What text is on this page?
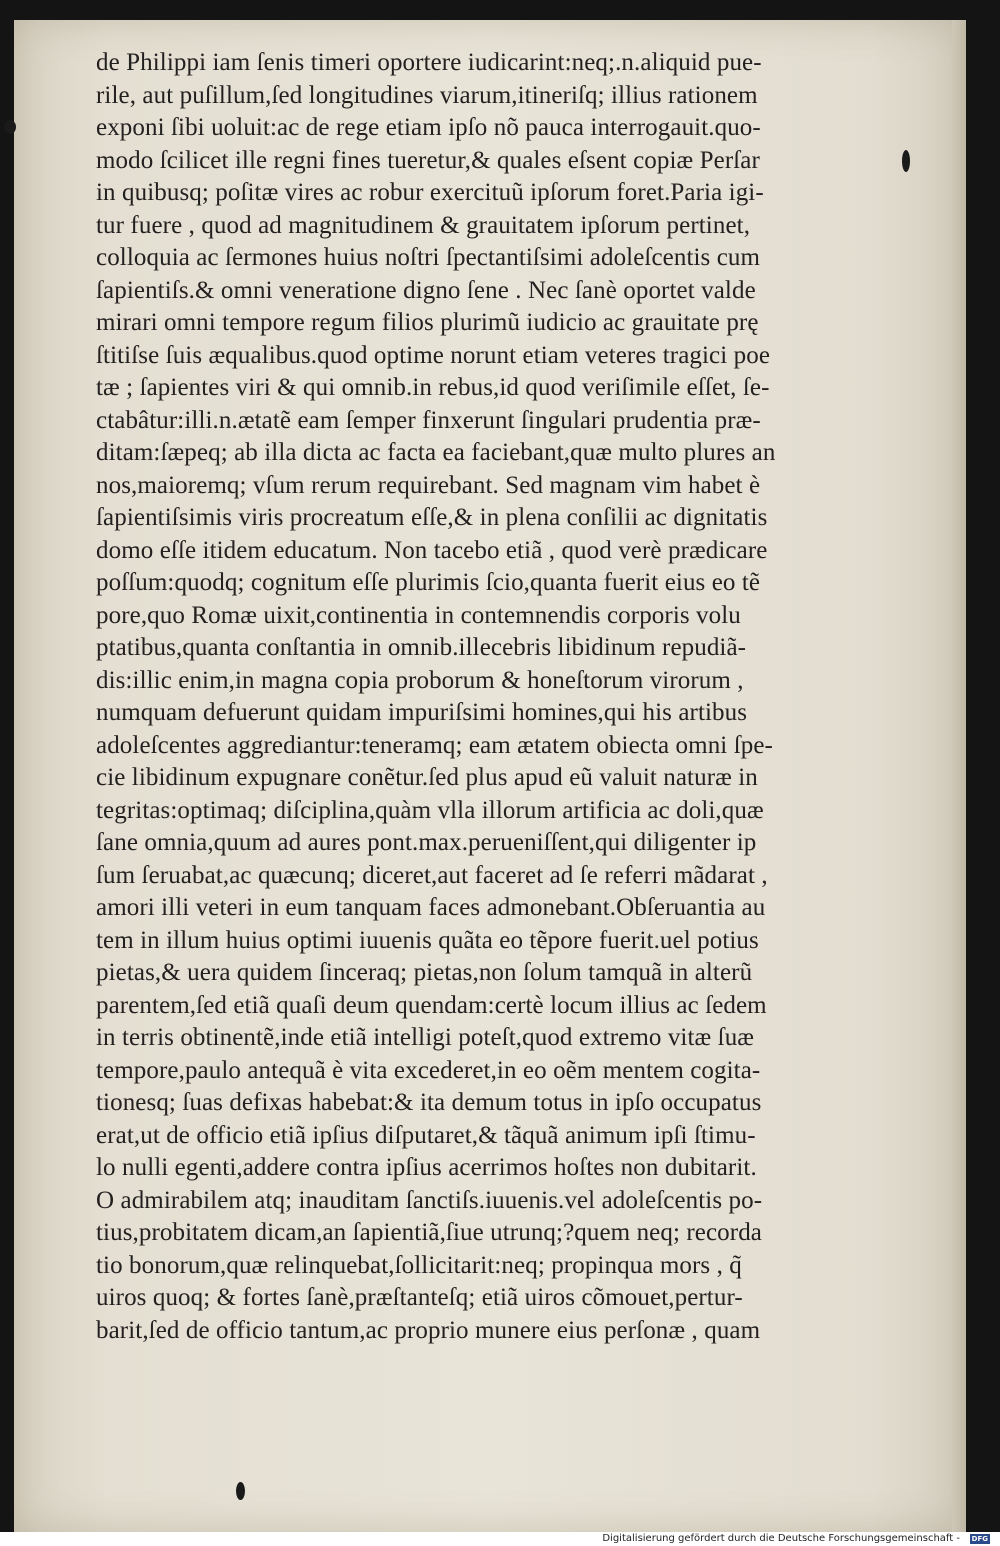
de Philippi iam ſenis timeri oportere iudicarint:neq;.n.aliquid pue-
rile, aut puſillum,ſed longitudines viarum,itineriſq; illius rationem
exponi ſibi uoluit:ac de rege etiam ipſo nõ pauca interrogauit.quo-
modo ſcilicet ille regni fines tueretur,& quales eſsent copiæ Perſar
in quibusq; poſitæ vires ac robur exercituũ ipſorum foret.Paria igi-
tur fuere , quod ad magnitudinem & grauitatem ipſorum pertinet,
colloquia ac ſermones huius noſtri ſpectantiſsimi adoleſcentis cum
ſapientiſs.& omni veneratione digno ſene . Nec ſanè oportet valde
mirari omni tempore regum filios plurimũ iudicio ac grauitate prę
ſtitiſse ſuis æqualibus.quod optime norunt etiam veteres tragici poe
tæ ; ſapientes viri & qui omnib.in rebus,id quod veriſimile eſſet, ſe-
ctabâtur:illi.n.ætatẽ eam ſemper finxerunt ſingulari prudentia præ-
ditam:ſæpeq; ab illa dicta ac facta ea faciebant,quæ multo plures an
nos,maioremq; vſum rerum requirebant. Sed magnam vim habet è
ſapientiſsimis viris procreatum eſſe,& in plena conſilii ac dignitatis
domo eſſe itidem educatum. Non tacebo etiã , quod verè prædicare
poſſum:quodq; cognitum eſſe plurimis ſcio,quanta fuerit eius eo tẽ
pore,quo Romæ uixit,continentia in contemnendis corporis volu
ptatibus,quanta conſtantia in omnib.illecebris libidinum repudiã-
dis:illic enim,in magna copia proborum & honeſtorum virorum ,
numquam defuerunt quidam impuriſsimi homines,qui his artibus
adoleſcentes aggrediantur:teneramq; eam ætatem obiecta omni ſpe-
cie libidinum expugnare conẽtur.ſed plus apud eũ valuit naturæ in
tegritas:optimaq; diſciplina,quàm vlla illorum artificia ac doli,quæ
ſane omnia,quum ad aures pont.max.perueniſſent,qui diligenter ip
ſum ſeruabat,ac quæcunq; diceret,aut faceret ad ſe referri mãdarat ,
amori illi veteri in eum tanquam faces admonebant.Obſeruantia au
tem in illum huius optimi iuuenis quãta eo tẽpore fuerit.uel potius
pietas,& uera quidem ſinceraq; pietas,non ſolum tamquã in alterũ
parentem,ſed etiã quaſi deum quendam:certè locum illius ac ſedem
in terris obtinentẽ,inde etiã intelligi poteſt,quod extremo vitæ ſuæ
tempore,paulo antequã è vita excederet,in eo oẽm mentem cogita-
tionesq; ſuas defixas habebat:& ita demum totus in ipſo occupatus
erat,ut de officio etiã ipſius diſputaret,& tãquã animum ipſi ſtimu-
lo nulli egenti,addere contra ipſius acerrimos hoſtes non dubitarit.
O admirabilem atq; inauditam ſanctiſs.iuuenis.vel adoleſcentis po-
tius,probitatem dicam,an ſapientiã,ſiue utrunq;?quem neq; recorda
tio bonorum,quæ relinquebat,ſollicitarit:neq; propinqua mors , q̃
uiros quoq; & fortes ſanè,præſtanteſq; etiã uiros cõmouet,pertur-
barit,ſed de officio tantum,ac proprio munere eius perſonæ , quam
Digitalisierung gefördert durch die Deutsche Forschungsgemeinschaft - DFG
